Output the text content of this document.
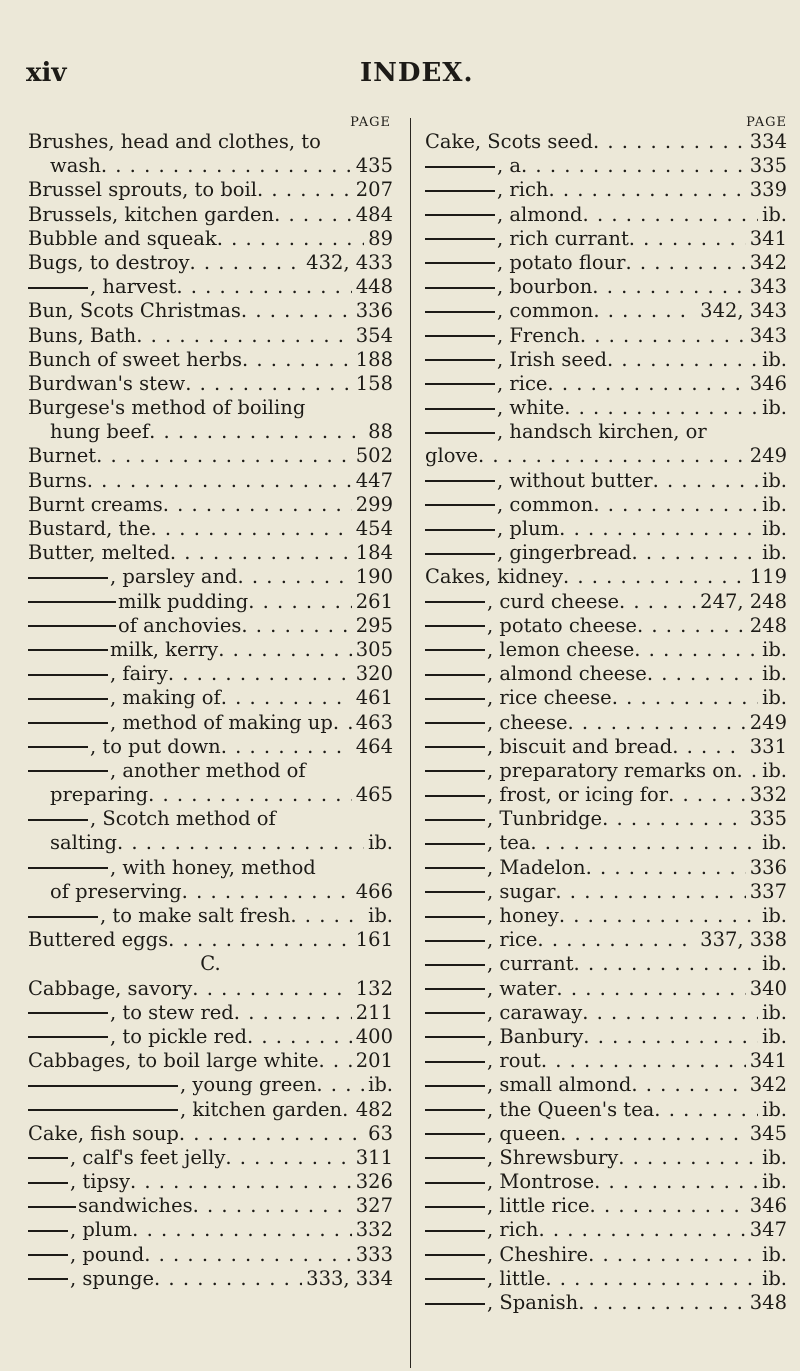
xiv	INDEX.
PAGE
Brushes, head and clothes, to
wash . . .	435
Brussel sprouts, to boil . . .	207
Brussels, kitchen garden . . .	484
Bubble and squeak . . .	89
Bugs, to destroy . . .	432, 433
, harvest . . .	448
Bun, Scots Christmas . . .	336
Buns, Bath . . .	354
Bunch of sweet herbs . . .	188
Burdwan's stew . . .	158
Burgese's method of boiling
hung beef . . .	88
Burnet . . .	502
Burns . . .	447
Burnt creams . . .	299
Bustard, the . . .	454
Butter, melted . . .	184
, parsley and . . .	190
milk pudding . . .	261
of anchovies . . .	295
milk, kerry . . .	305
, fairy . . .	320
, making of . . .	461
, method of making up . . . 463
, to put down . . .	464
, another method of
preparing . . .	465
, Scotch method of
salting . . .	ib.
, with honey, method
of preserving . . .	466
, to make salt fresh . . .	ib.
Buttered eggs . . .	161
C.
Cabbage, savory . . .	132
, to stew red . . .	211
, to pickle red . . .	400
Cabbages, to boil large white . . . 201
, young green . . .	ib.
, kitchen garden . . . 482
Cake, fish soup . . .	63
, calf's feet jelly . . .	311
, tipsy . . .	326
sandwiches . . .	327
, plum . . .	332
, pound . . .	333
, spunge . . .	333, 334
PAGE
Cake, Scots seed . . .	334
, a . . .	335
, rich . . .	339
, almond . . .	ib.
, rich currant . . .	341
, potato flour . . .	342
, bourbon . . .	343
, common . . .	342, 343
, French . . .	343
, Irish seed . . .	ib.
, rice . . .	346
, white . . .	ib.
, handsch kirchen, or
glove . . .	249
, without butter . . .	ib.
, common . . .	ib.
, plum . . .	ib.
, gingerbread . . .	ib.
Cakes, kidney . . .	119
, curd cheese . . .	247, 248
, potato cheese . . .	248
, lemon cheese . . .	ib.
, almond cheese . . .	ib.
, rice cheese . . .	ib.
, cheese . . .	249
, biscuit and bread . . .	331
, preparatory remarks on . . . ib.
, frost, or icing for . . .	332
, Tunbridge . . .	335
, tea . . .	ib.
, Madelon . . .	336
, sugar . . .	337
, honey . . .	ib.
, rice . . .	337, 338
, currant . . .	ib.
, water . . .	340
, caraway . . .	ib.
, Banbury . . .	ib.
, rout . . .	341
, small almond . . .	342
, the Queen's tea . . .	ib.
, queen . . .	345
, Shrewsbury . . .	ib.
, Montrose . . .	ib.
, little rice . . .	346
, rich . . .	347
, Cheshire . . .	ib.
, little . . .	ib.
, Spanish . . .	348
